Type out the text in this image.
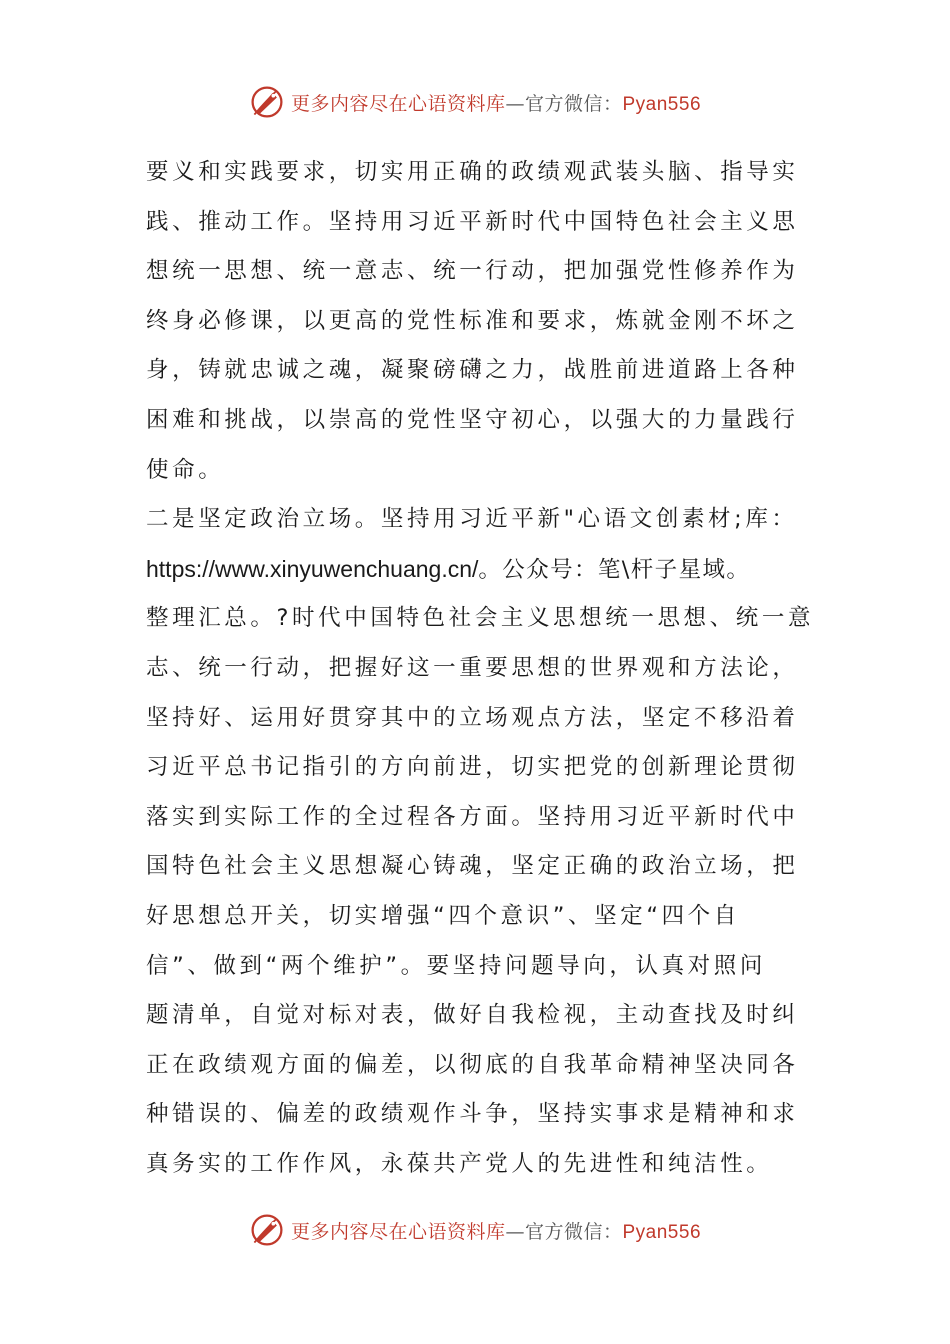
更多内容尽在心语资料库—官方微信：Pyan556
要义和实践要求，切实用正确的政绩观武装头脑、指导实
践、推动工作。坚持用习近平新时代中国特色社会主义思
想统一思想、统一意志、统一行动，把加强党性修养作为
终身必修课，以更高的党性标准和要求，炼就金刚不坏之
身，铸就忠诚之魂，凝聚磅礴之力，战胜前进道路上各种
困难和挑战，以崇高的党性坚守初心，以强大的力量践行
使命。
二是坚定政治立场。坚持用习近平新"心语文创素材;库：
https://www.xinyuwenchuang.cn/。公众号：笔\杆子星域。
整理汇总。?时代中国特色社会主义思想统一思想、统一意
志、统一行动，把握好这一重要思想的世界观和方法论，
坚持好、运用好贯穿其中的立场观点方法，坚定不移沿着
习近平总书记指引的方向前进，切实把党的创新理论贯彻
落实到实际工作的全过程各方面。坚持用习近平新时代中
国特色社会主义思想凝心铸魂，坚定正确的政治立场，把
好思想总开关，切实增强“四个意识”、坚定“四个自
信”、做到“两个维护”。要坚持问题导向，认真对照问
题清单，自觉对标对表，做好自我检视，主动查找及时纠
正在政绩观方面的偏差，以彻底的自我革命精神坚决同各
种错误的、偏差的政绩观作斗争，坚持实事求是精神和求
真务实的工作作风，永葆共产党人的先进性和纯洁性。
更多内容尽在心语资料库—官方微信：Pyan556
